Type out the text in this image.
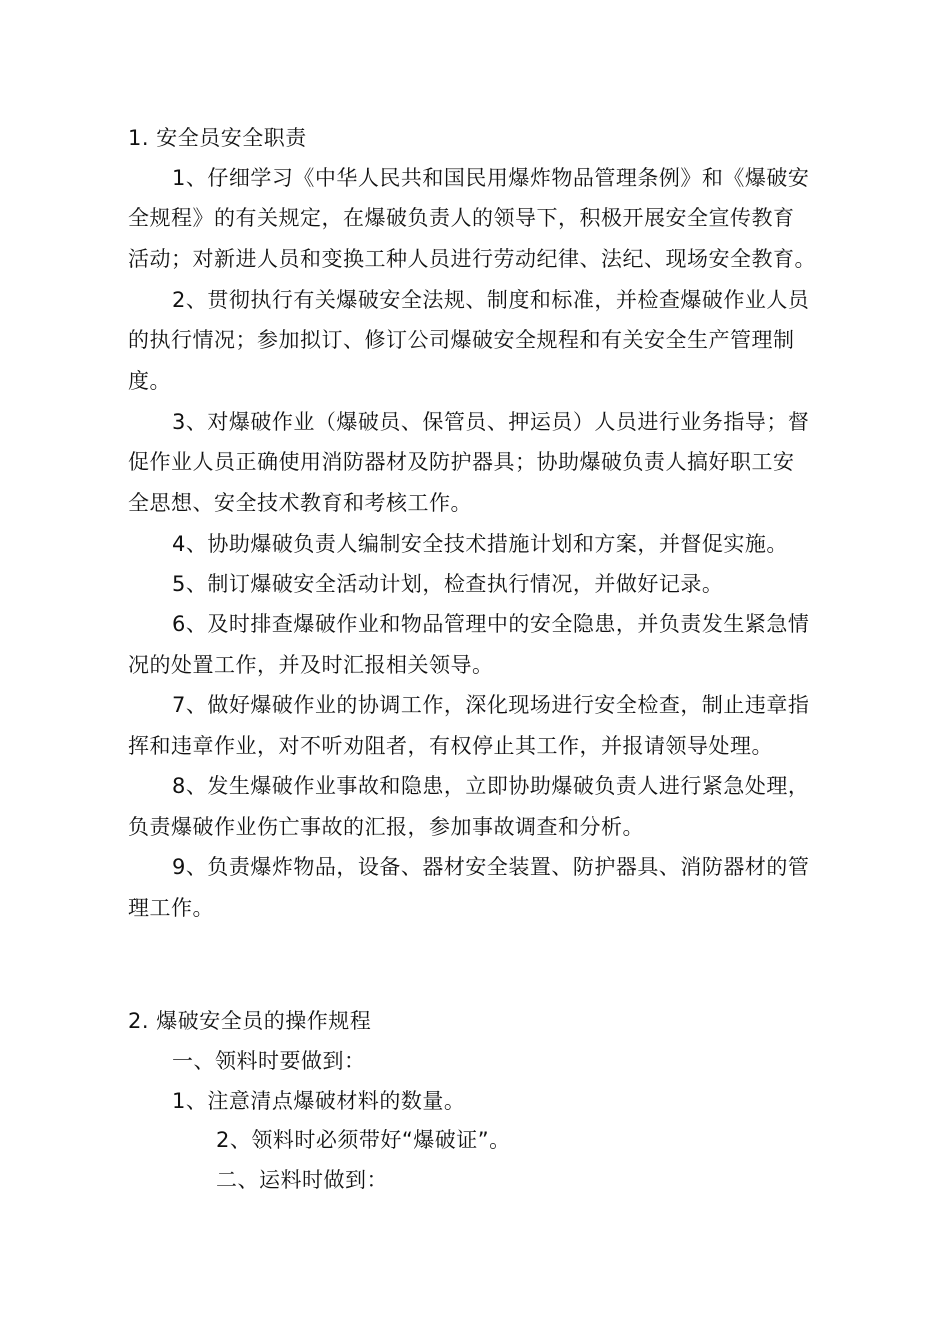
1. 安全员安全职责
1、仔细学习《中华人民共和国民用爆炸物品管理条例》和《爆破安
全规程》的有关规定，在爆破负责人的领导下，积极开展安全宣传教育
活动；对新进人员和变换工种人员进行劳动纪律、法纪、现场安全教育。
2、贯彻执行有关爆破安全法规、制度和标准，并检查爆破作业人员
的执行情况；参加拟订、修订公司爆破安全规程和有关安全生产管理制
度。
3、对爆破作业（爆破员、保管员、押运员）人员进行业务指导；督
促作业人员正确使用消防器材及防护器具；协助爆破负责人搞好职工安
全思想、安全技术教育和考核工作。
4、协助爆破负责人编制安全技术措施计划和方案，并督促实施。
5、制订爆破安全活动计划，检查执行情况，并做好记录。
6、及时排查爆破作业和物品管理中的安全隐患，并负责发生紧急情
况的处置工作，并及时汇报相关领导。
7、做好爆破作业的协调工作，深化现场进行安全检查，制止违章指
挥和违章作业，对不听劝阻者，有权停止其工作，并报请领导处理。
8、发生爆破作业事故和隐患，立即协助爆破负责人进行紧急处理，
负责爆破作业伤亡事故的汇报，参加事故调查和分析。
9、负责爆炸物品，设备、器材安全装置、防护器具、消防器材的管
理工作。
2. 爆破安全员的操作规程
一、领料时要做到：
1、注意清点爆破材料的数量。
2、领料时必须带好“爆破证”。
二、运料时做到：
